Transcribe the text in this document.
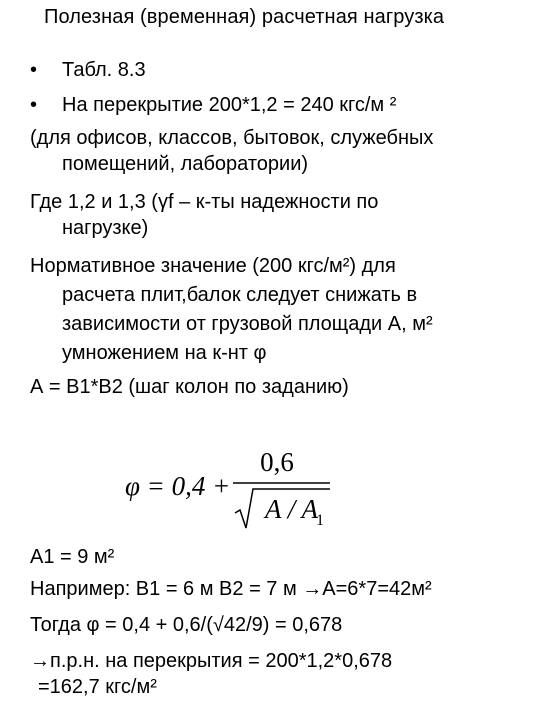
Полезная (временная) расчетная нагрузка
• Табл. 8.3
• На перекрытие 200*1,2 = 240 кгс/м ²
(для офисов, классов, бытовок, служебных
помещений, лаборатории)
Где 1,2 и 1,3 (γf – к-ты надежности по
нагрузке)
Нормативное значение (200 кгс/м²) для
расчета плит,балок следует снижать в
зависимости от грузовой площади А, м²
умножением на к-нт φ
А = В1*В2 (шаг колон по заданию)
φ = 0,4 +
0,6
A / A
1
А1 = 9 м²
Например: В1 = 6 м В2 = 7 м →А=6*7=42м²
Тогда φ = 0,4 + 0,6/(√42/9) = 0,678
→п.р.н. на перекрытия = 200*1,2*0,678
=162,7 кгс/м²
